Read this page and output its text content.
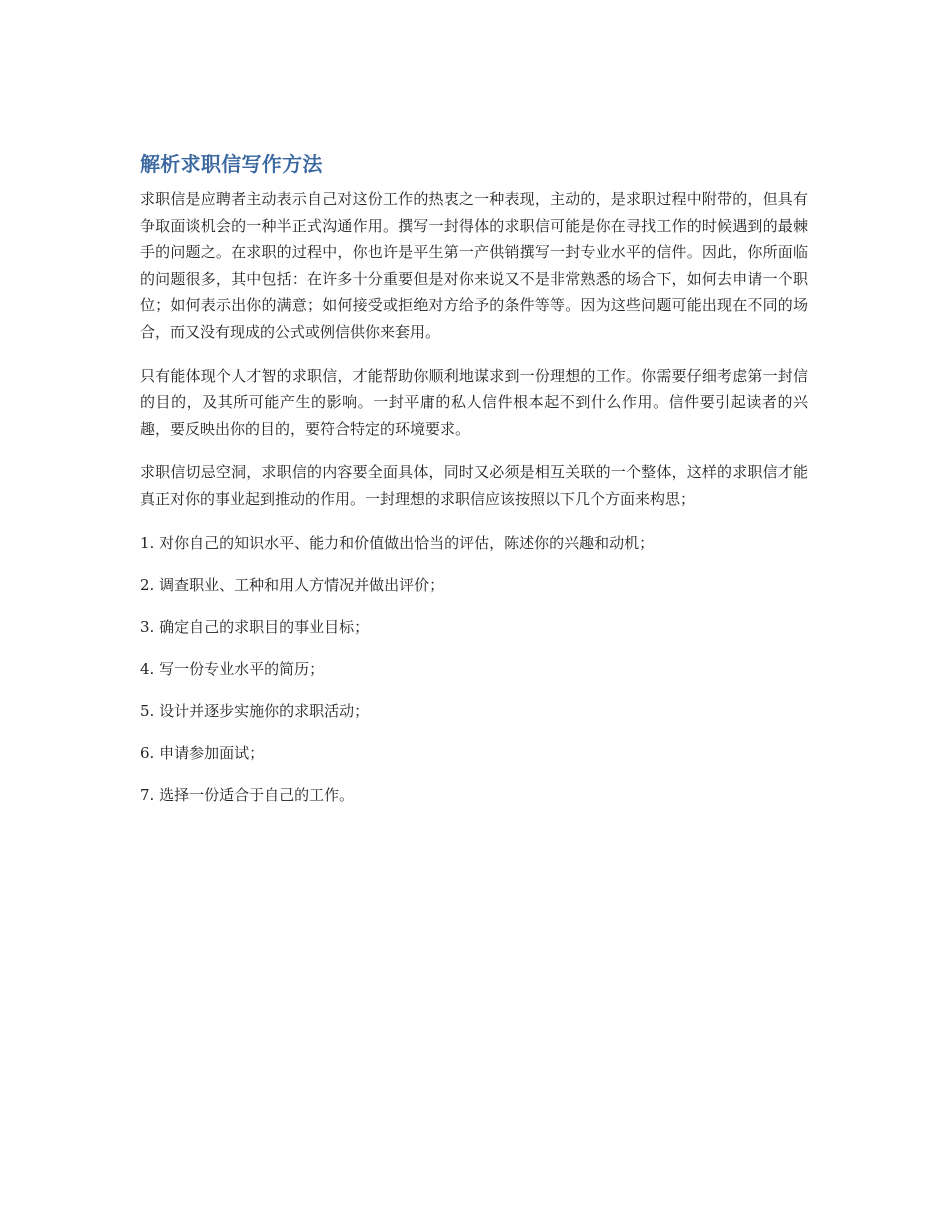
解析求职信写作方法

求职信是应聘者主动表示自己对这份工作的热衷之一种表现，主动的，是求职过程中附带的，但具有争取面谈机会的一种半正式沟通作用。撰写一封得体的求职信可能是你在寻找工作的时候遇到的最棘手的问题之。在求职的过程中，你也许是平生第一产供销撰写一封专业水平的信件。因此，你所面临的问题很多，其中包括：在许多十分重要但是对你来说又不是非常熟悉的场合下，如何去申请一个职位；如何表示出你的满意；如何接受或拒绝对方给予的条件等等。因为这些问题可能出现在不同的场合，而又没有现成的公式或例信供你来套用。

只有能体现个人才智的求职信，才能帮助你顺利地谋求到一份理想的工作。你需要仔细考虑第一封信的目的，及其所可能产生的影响。一封平庸的私人信件根本起不到什么作用。信件要引起读者的兴趣，要反映出你的目的，要符合特定的环境要求。

求职信切忌空洞，求职信的内容要全面具体，同时又必须是相互关联的一个整体，这样的求职信才能真正对你的事业起到推动的作用。一封理想的求职信应该按照以下几个方面来构思；

1. 对你自己的知识水平、能力和价值做出恰当的评估，陈述你的兴趣和动机；
2. 调查职业、工种和用人方情况并做出评价；
3. 确定自己的求职目的事业目标；
4. 写一份专业水平的简历；
5. 设计并逐步实施你的求职活动；
6. 申请参加面试；
7. 选择一份适合于自己的工作。
